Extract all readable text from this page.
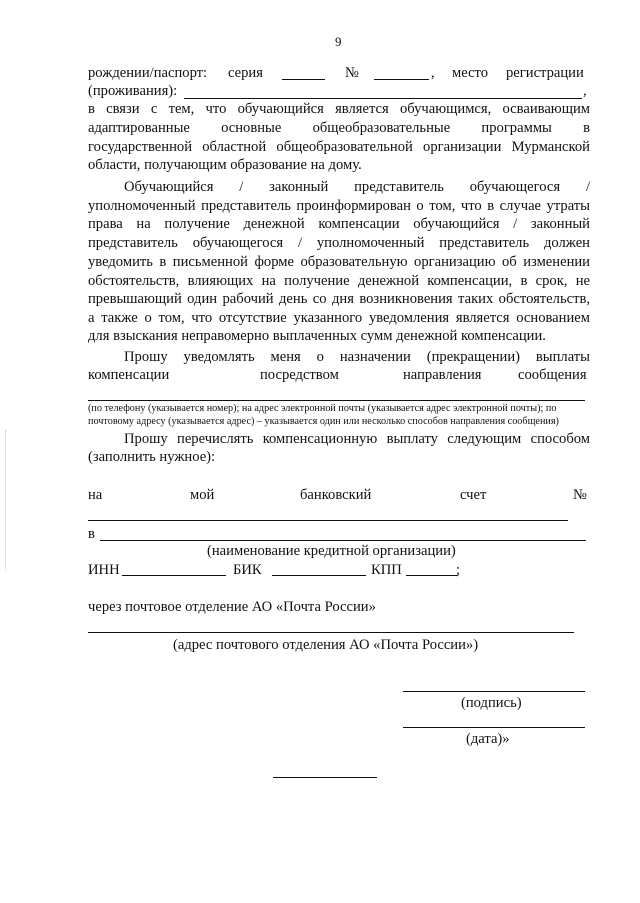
9
рождении/паспорт: серия	№	, место регистрации
(проживания):	,
в связи с тем, что обучающийся является обучающимся, осваивающим
адаптированные основные общеобразовательные программы в
государственной областной общеобразовательной организации Мурманской
области, получающим образование на дому.
Обучающийся / законный представитель обучающегося /
уполномоченный представитель проинформирован о том, что в случае утраты
права на получение денежной компенсации обучающийся / законный
представитель обучающегося / уполномоченный представитель должен
уведомить в письменной форме образовательную организацию об изменении
обстоятельств, влияющих на получение денежной компенсации, в срок, не
превышающий один рабочий день со дня возникновения таких обстоятельств,
а также о том, что отсутствие указанного уведомления является основанием
для взыскания неправомерно выплаченных сумм денежной компенсации.
Прошу уведомлять меня о назначении (прекращении) выплаты
компенсации	посредством	направления	сообщения
(по телефону (указывается номер); на адрес электронной почты (указывается адрес электронной почты); по
почтовому адресу (указывается адрес) – указывается один или несколько способов направления сообщения)
Прошу перечислять компенсационную выплату следующим способом
(заполнить нужное):
на	мой	банковский	счет	№
в
(наименование кредитной организации)
ИНН	БИК	КПП	;
через почтовое отделение АО «Почта России»
(адрес почтового отделения АО «Почта России»)
(подпись)
(дата)»
